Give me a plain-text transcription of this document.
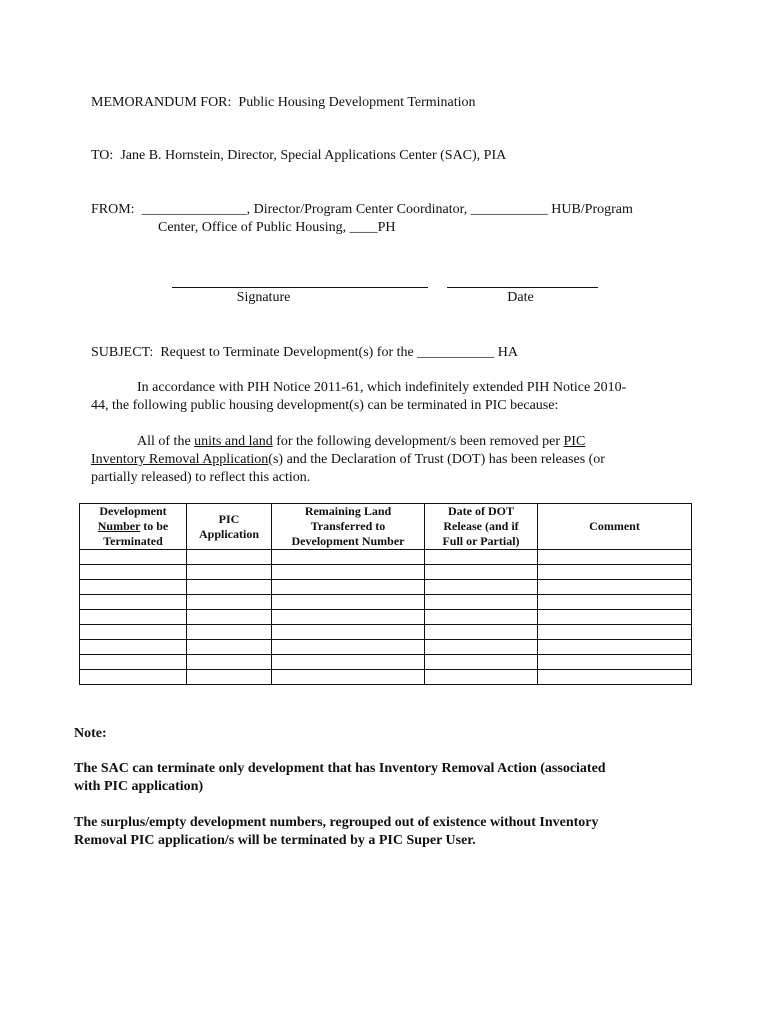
MEMORANDUM FOR: Public Housing Development Termination
TO: Jane B. Hornstein, Director, Special Applications Center (SAC), PIA
FROM: _______________, Director/Program Center Coordinator, ___________ HUB/Program
Center, Office of Public Housing, ____PH
Signature	Date
SUBJECT: Request to Terminate Development(s) for the ___________ HA
In accordance with PIH Notice 2011-61, which indefinitely extended PIH Notice 2010-
44, the following public housing development(s) can be terminated in PIC because:
All of the units and land for the following development/s been removed per PIC
Inventory Removal Application(s) and the Declaration of Trust (DOT) has been releases (or
partially released) to reflect this action.
Development
Number to be
Terminated	PIC
Application	Remaining Land
Transferred to
Development Number	Date of DOT
Release (and if
Full or Partial)	Comment

Note:
The SAC can terminate only development that has Inventory Removal Action (associated
with PIC application)
The surplus/empty development numbers, regrouped out of existence without Inventory
Removal PIC application/s will be terminated by a PIC Super User.
